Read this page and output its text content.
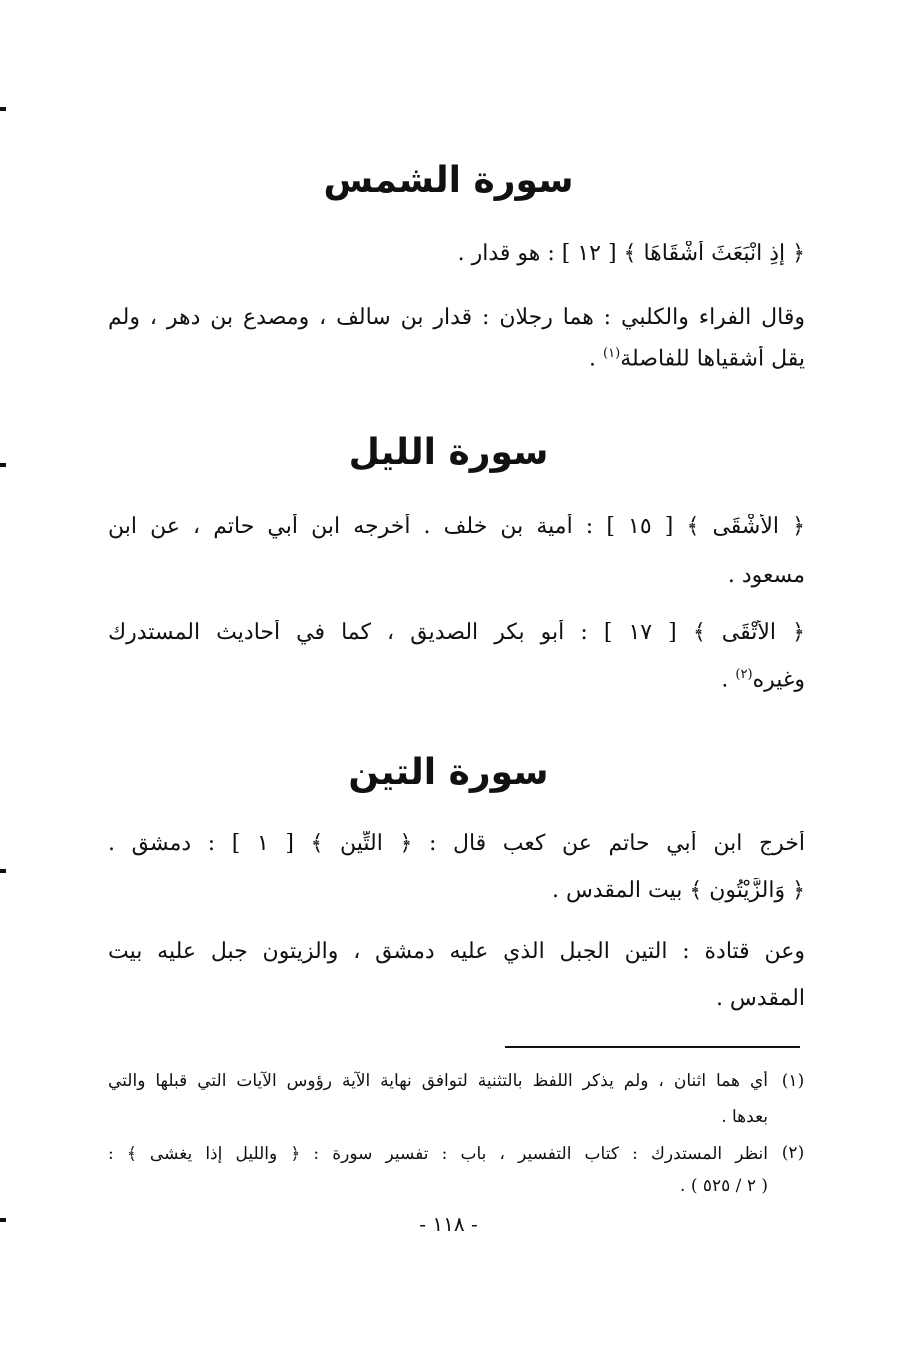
سورة الشمس
﴿ إِذِ انْبَعَثَ أَشْقَاهَا ﴾ [ ١٢ ] : هو قدار .
وقال الفراء والكلبي : هما رجلان : قدار بن سالف ، ومصدع بن دهر ، ولم
يقل أشقياها للفاصلة$^{(١)}$ .
سورة الليل
﴿ الأَشْقَى ﴾ [ ١٥ ] : أمية بن خلف . أخرجه ابن أبي حاتم ، عن ابن
مسعود .
﴿ الأَتْقَى ﴾ [ ١٧ ] : أبو بكر الصديق ، كما في أحاديث المستدرك
وغيره$^{(٢)}$ .
سورة التين
أخرج ابن أبي حاتم عن كعب قال : ﴿ التِّينِ ﴾ [ ١ ] : دمشق .
﴿ وَالزَّيْتُونِ ﴾ بيت المقدس .
وعن قتادة : التين الجبل الذي عليه دمشق ، والزيتون جبل عليه بيت
المقدس .
(١)
أي هما اثنان ، ولم يذكر اللفظ بالتثنية لتوافق نهاية الآية رؤوس الآيات التي قبلها والتي
بعدها .
(٢)
انظر المستدرك : كتاب التفسير ، باب : تفسير سورة : ﴿ والليل إذا يغشى ﴾ :
( ٢ / ٥٢٥ ) .
- ١١٨ -
